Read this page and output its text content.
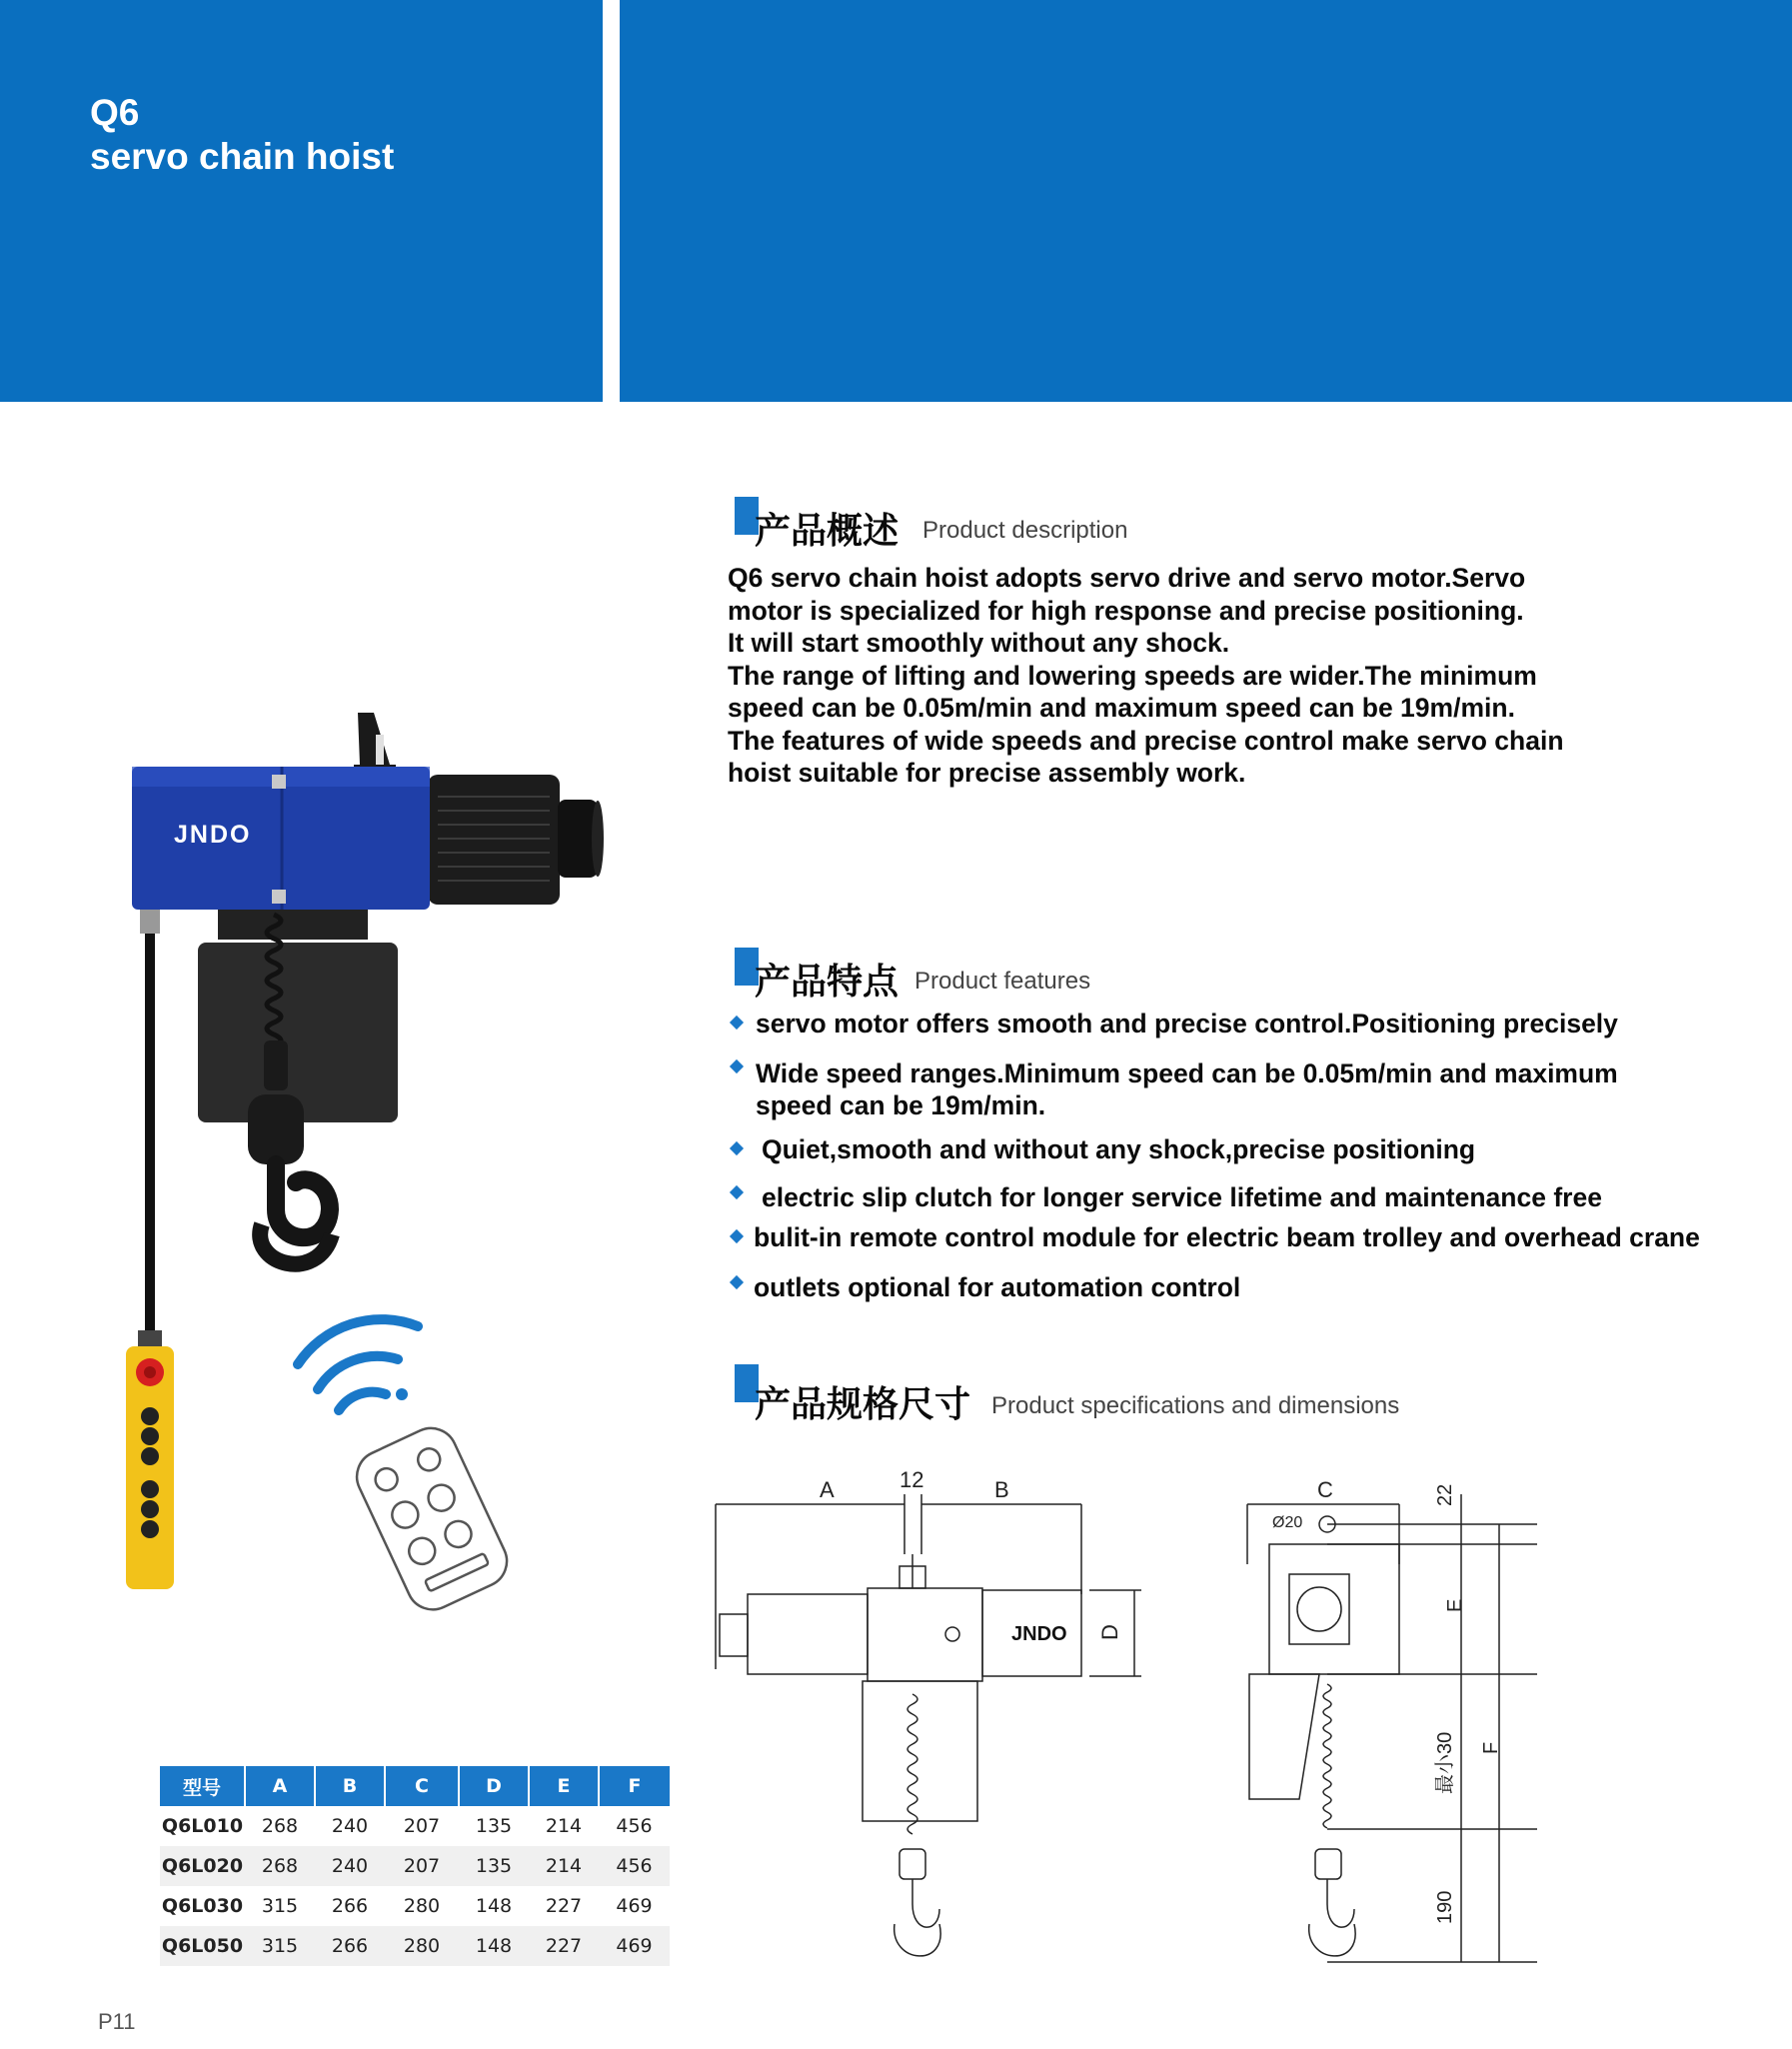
Q6
servo chain hoist
产品概述 Product description

Q6 servo chain hoist adopts servo drive and servo motor.Servo

motor is specialized for high response and precise positioning.

It will start smoothly without any shock.

The range of lifting and lowering speeds are wider.The minimum

speed can be 0.05m/min and maximum speed can be 19m/min.

The features of wide speeds and precise control make servo chain

hoist suitable for precise assembly work.

产品特点 Product features
servo motor offers smooth and precise control.Positioning precisely
Wide speed ranges.Minimum speed can be 0.05m/min and maximum
speed can be 19m/min.
Quiet,smooth and without any shock,precise positioning
electric slip clutch for longer service lifetime and maintenance free
bulit-in remote control module for electric beam trolley and overhead crane
outlets optional for automation control
产品规格尺寸 Product specifications and dimensions
JNDO
型号	A	B	C	D	E	F
Q6L010	268	240	207	135	214	456
Q6L020	268	240	207	135	214	456
Q6L030	315	266	280	148	227	469
Q6L050	315	266	280	148	227	469
A	12	B
D
JNDO
C
Ø20
22
E
最小30 F
190
P11
